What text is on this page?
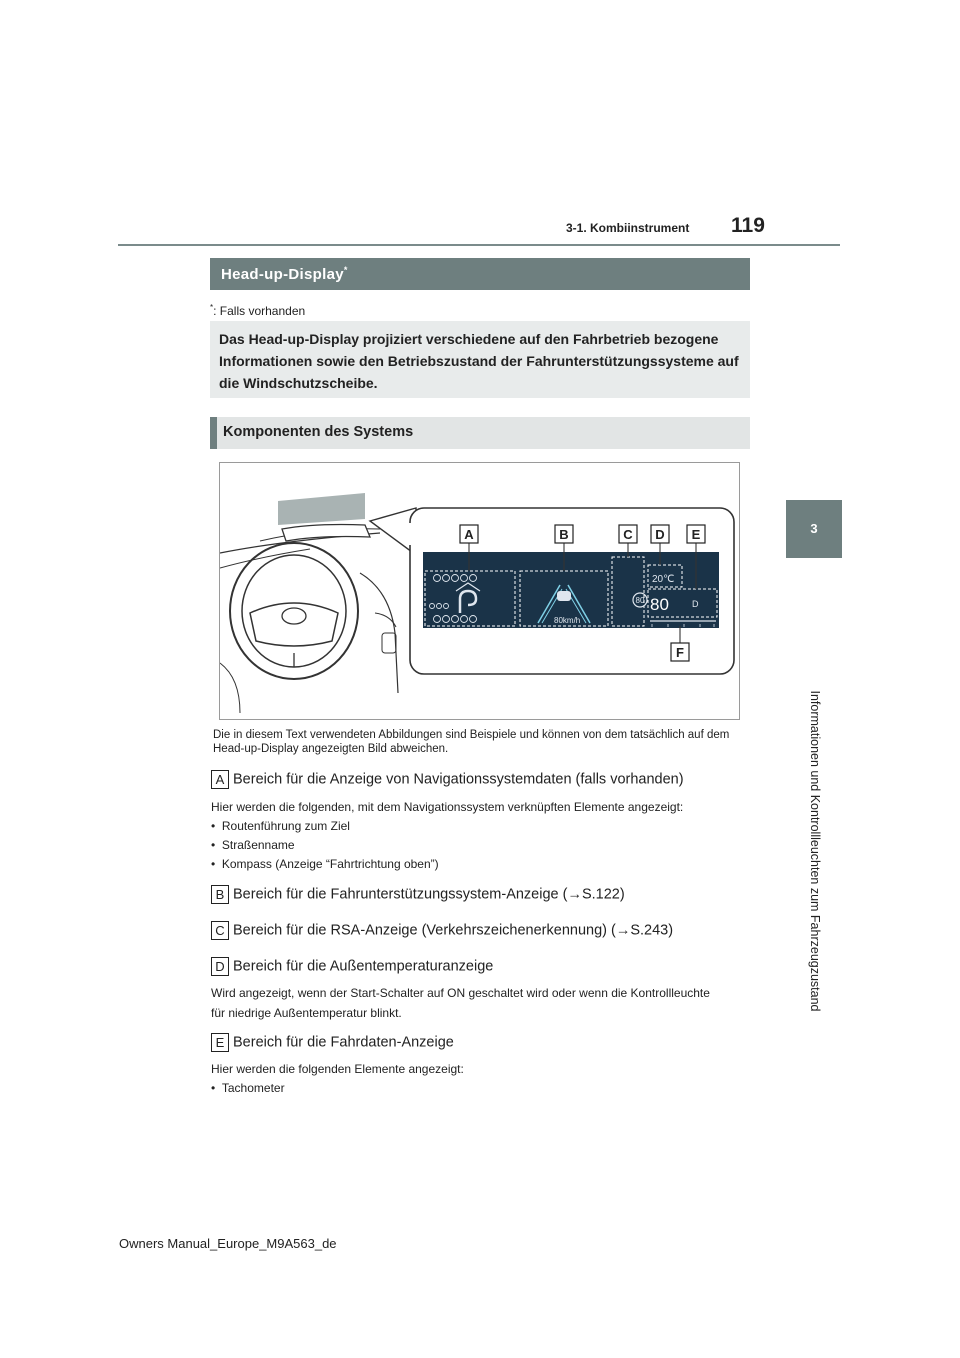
3-1. Kombiinstrument 119
3
Informationen und Kontrollleuchten zum Fahrzeugzustand
Head-up-Display*
*: Falls vorhanden
Das Head-up-Display projiziert verschiedene auf den Fahrbetrieb bezogene Informationen sowie den Betriebszustand der Fahrunterstützungssysteme auf die Windschutzscheibe.
Komponenten des Systems
80km/h
80
20℃
80	D
A	B	C D E
F
Die in diesem Text verwendeten Abbildungen sind Beispiele und können von dem tatsächlich auf dem Head-up-Display angezeigten Bild abweichen.
A Bereich für die Anzeige von Navigationssystemdaten (falls vorhanden)
Hier werden die folgenden, mit dem Navigationssystem verknüpften Elemente angezeigt:
•  Routenführung zum Ziel
•  Straßenname
•  Kompass (Anzeige “Fahrtrichtung oben”)
B Bereich für die Fahrunterstützungssystem-Anzeige (→S.122)
C Bereich für die RSA-Anzeige (Verkehrszeichenerkennung) (→S.243)
D Bereich für die Außentemperaturanzeige
Wird angezeigt, wenn der Start-Schalter auf ON geschaltet wird oder wenn die Kontrollleuchte
für niedrige Außentemperatur blinkt.
E Bereich für die Fahrdaten-Anzeige
Hier werden die folgenden Elemente angezeigt:
•  Tachometer
Owners Manual_Europe_M9A563_de
